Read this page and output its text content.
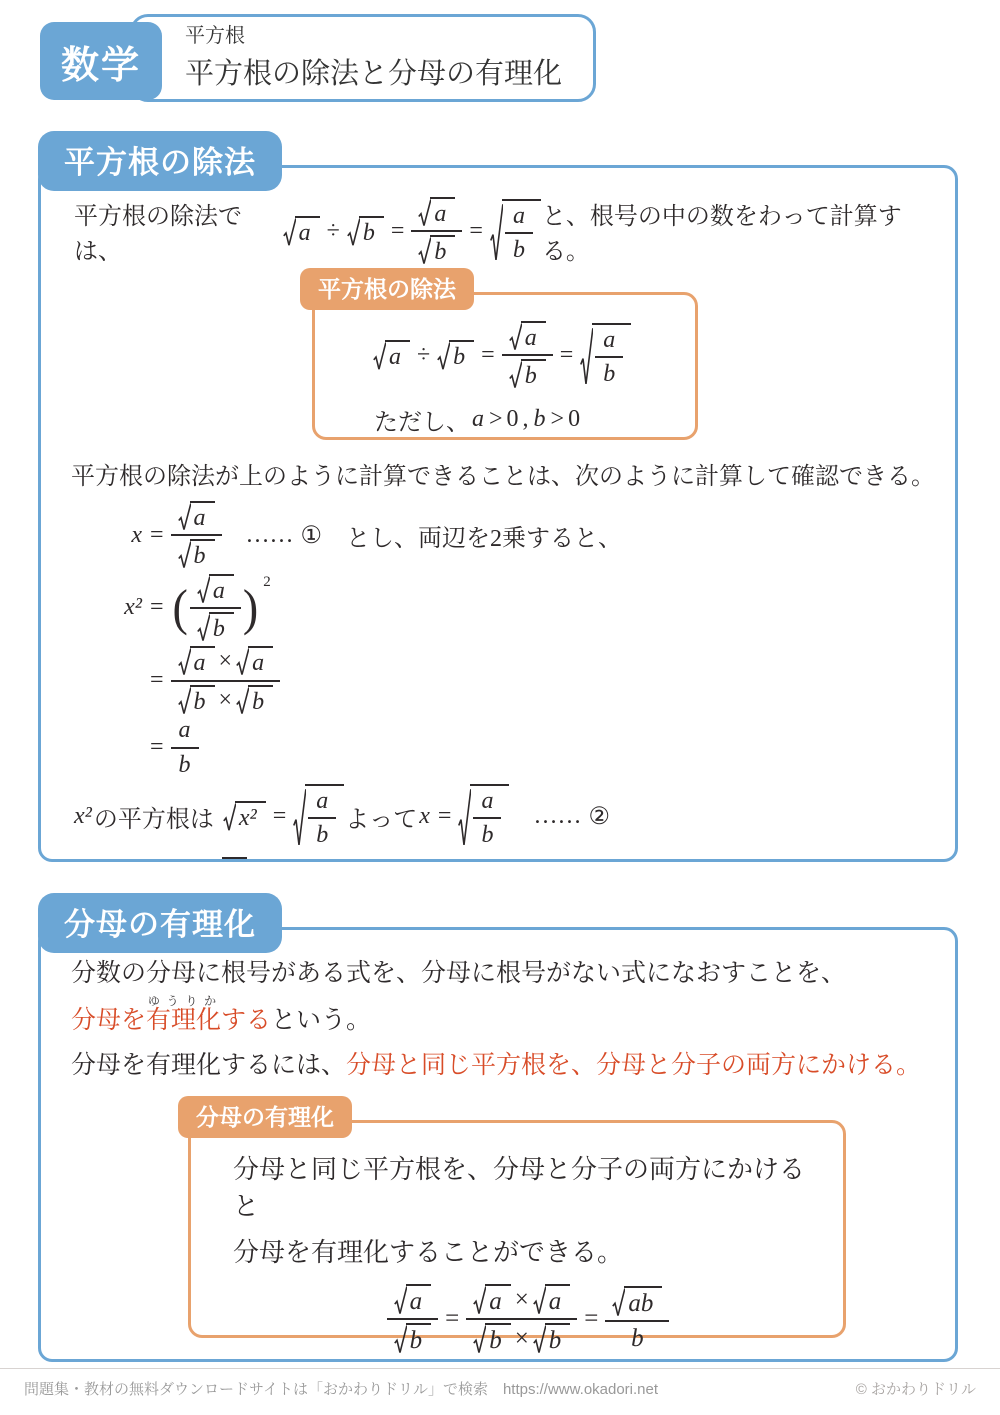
平方根
平方根の除法と分母の有理化
数学
平方根の除法
平方根の除法では、
$a \div b = \frac{a}{b} = \frac{a}{b}$ と、根号の中の数をわって計算する。
平方根の除法
$a \div b = \frac{a}{b} = \frac{a}{b}$
ただし、 a > 0 , b > 0
平方根の除法が上のように計算できることは、次のように計算して確認できる。
$x = \frac{a}{b}$ …… ① とし、両辺を2乗すると、
x² = ( $\frac{a}{b}$ ) 2
= $\frac{a \times a}{b \times b}$
= $\frac{a}{b}$
x² の平方根は $x^2 = \frac{a}{b}$ よって $x = \frac{a}{b}$ …… ②
分母の有理化
分数の分母に根号がある式を、分母に根号がない式になおすことを、
分母を有理化ゆうりかするという。
分母を有理化するには、分母と同じ平方根を、分母と分子の両方にかける。
分母の有理化
分母と同じ平方根を、分母と分子の両方にかけると
分母を有理化することができる。
$\frac{a}{b} = \frac{a \times a}{b \times b} = \frac{ab}{b}$
問題集・教材の無料ダウンロードサイトは「おかわりドリル」で検索　https://www.okadori.net	© おかわりドリル
